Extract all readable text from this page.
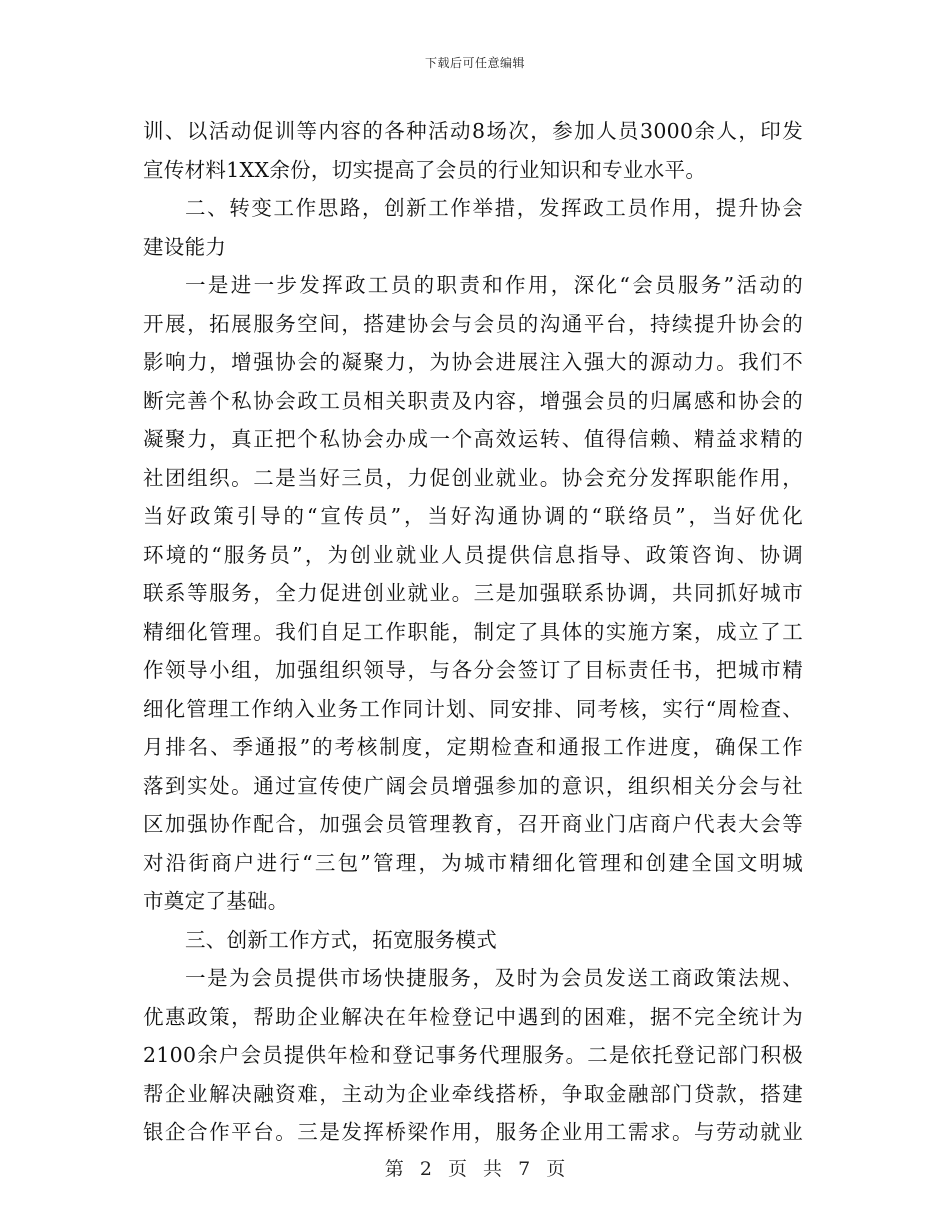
下载后可任意编辑
训、以活动促训等内容的各种活动8场次，参加人员3000余人，印发
宣传材料1XX余份，切实提高了会员的行业知识和专业水平。
二、转变工作思路，创新工作举措，发挥政工员作用，提升协会
建设能力
一是进一步发挥政工员的职责和作用，深化“会员服务”活动的
开展，拓展服务空间，搭建协会与会员的沟通平台，持续提升协会的
影响力，增强协会的凝聚力，为协会进展注入强大的源动力。我们不
断完善个私协会政工员相关职责及内容，增强会员的归属感和协会的
凝聚力，真正把个私协会办成一个高效运转、值得信赖、精益求精的
社团组织。二是当好三员，力促创业就业。协会充分发挥职能作用，
当好政策引导的“宣传员”，当好沟通协调的“联络员”，当好优化
环境的“服务员”，为创业就业人员提供信息指导、政策咨询、协调
联系等服务，全力促进创业就业。三是加强联系协调，共同抓好城市
精细化管理。我们自足工作职能，制定了具体的实施方案，成立了工
作领导小组，加强组织领导，与各分会签订了目标责任书，把城市精
细化管理工作纳入业务工作同计划、同安排、同考核，实行“周检查、
月排名、季通报”的考核制度，定期检查和通报工作进度，确保工作
落到实处。通过宣传使广阔会员增强参加的意识，组织相关分会与社
区加强协作配合，加强会员管理教育，召开商业门店商户代表大会等
对沿街商户进行“三包”管理，为城市精细化管理和创建全国文明城
市奠定了基础。
三、创新工作方式，拓宽服务模式
一是为会员提供市场快捷服务，及时为会员发送工商政策法规、
优惠政策，帮助企业解决在年检登记中遇到的困难，据不完全统计为
2100余户会员提供年检和登记事务代理服务。二是依托登记部门积极
帮企业解决融资难，主动为企业牵线搭桥，争取金融部门贷款，搭建
银企合作平台。三是发挥桥梁作用，服务企业用工需求。与劳动就业
第 2 页 共 7 页
